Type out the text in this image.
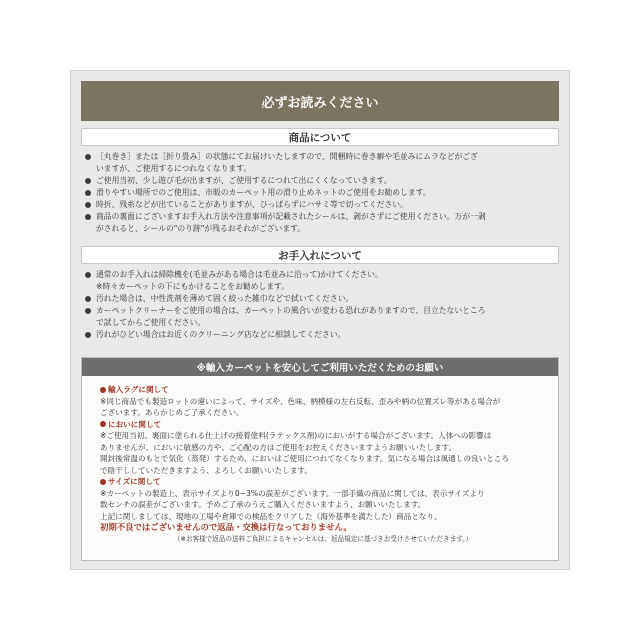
必ずお読みください
商品について
［丸巻き］または［折り畳み］の状態にてお届けいたしますので、開梱時に巻き癖や毛並みにムラなどがござ
いますが、ご使用するにつれなくなります。
ご使用当初、少し遊び毛が出ますが、ご使用するにつれて出にくくなっていきます。
滑りやすい場所でのご使用は、市販のカーペット用の滑り止めネットのご使用をお勧めします。
時折、残糸などが出ていることがありますが、ひっぱらずにハサミ等で切ってください。
商品の裏面にございますお手入れ方法や注意事項が記載されたシールは、剥がさずにご使用ください。万が一剥
がされると、シールの"のり跡"が残るおそれがございます。
お手入れについて
通常のお手入れは掃除機を(毛並みがある場合は毛並みに沿って)かけてください。
※時々カーペットの下にもかけることをお勧めします。
汚れた場合は、中性洗剤を薄めて固く絞った雑巾などで拭いてください。
カーペットクリーナーをご使用の場合は、カーペットの風合いが変わる恐れがありますので、目立たないところ
で試してからご使用ください。
汚れがひどい場合はお近くのクリーニング店などに相談してください。
※輸入カーペットを安心してご利用いただくためのお願い
輸入ラグに関して
※同じ商品でも製造ロットの違いによって、サイズや、色味、柄模様の左右反転、歪みや柄の位置ズレ等がある場合が
ございます。あらかじめご了承ください。
においに関して
※ご使用当初、裏面に塗られる仕上げの接着塗料(ラテックス剤)のにおいがする場合がございます。人体への影響は
ありませんが、においに敏感の方や、ご心配の方はご使用をお控えくださいますようお願いいたします。
開封後常温のもとで気化（蒸発）するため、においはご使用につれてなくなります。気になる場合は風通しの良いところ
で陰干ししていただきますよう、よろしくお願いいたします。
サイズに関して
※カーペットの製造上、表示サイズより0~3%の誤差がございます。一部手織の商品に関しては、表示サイズより
数センチの誤差がございます。予めご了承のうえご購入くださいますよう、お願いいたします。
上記に関しましては、現地の工場や倉庫での検品をクリアした（海外基準を満たした）商品となり、
初期不良ではございませんので返品・交換は行なっておりません。
（※お客様で返品の送料ご負担によるキャンセルは、返品規定に基づきお受けさせていただきます。）
